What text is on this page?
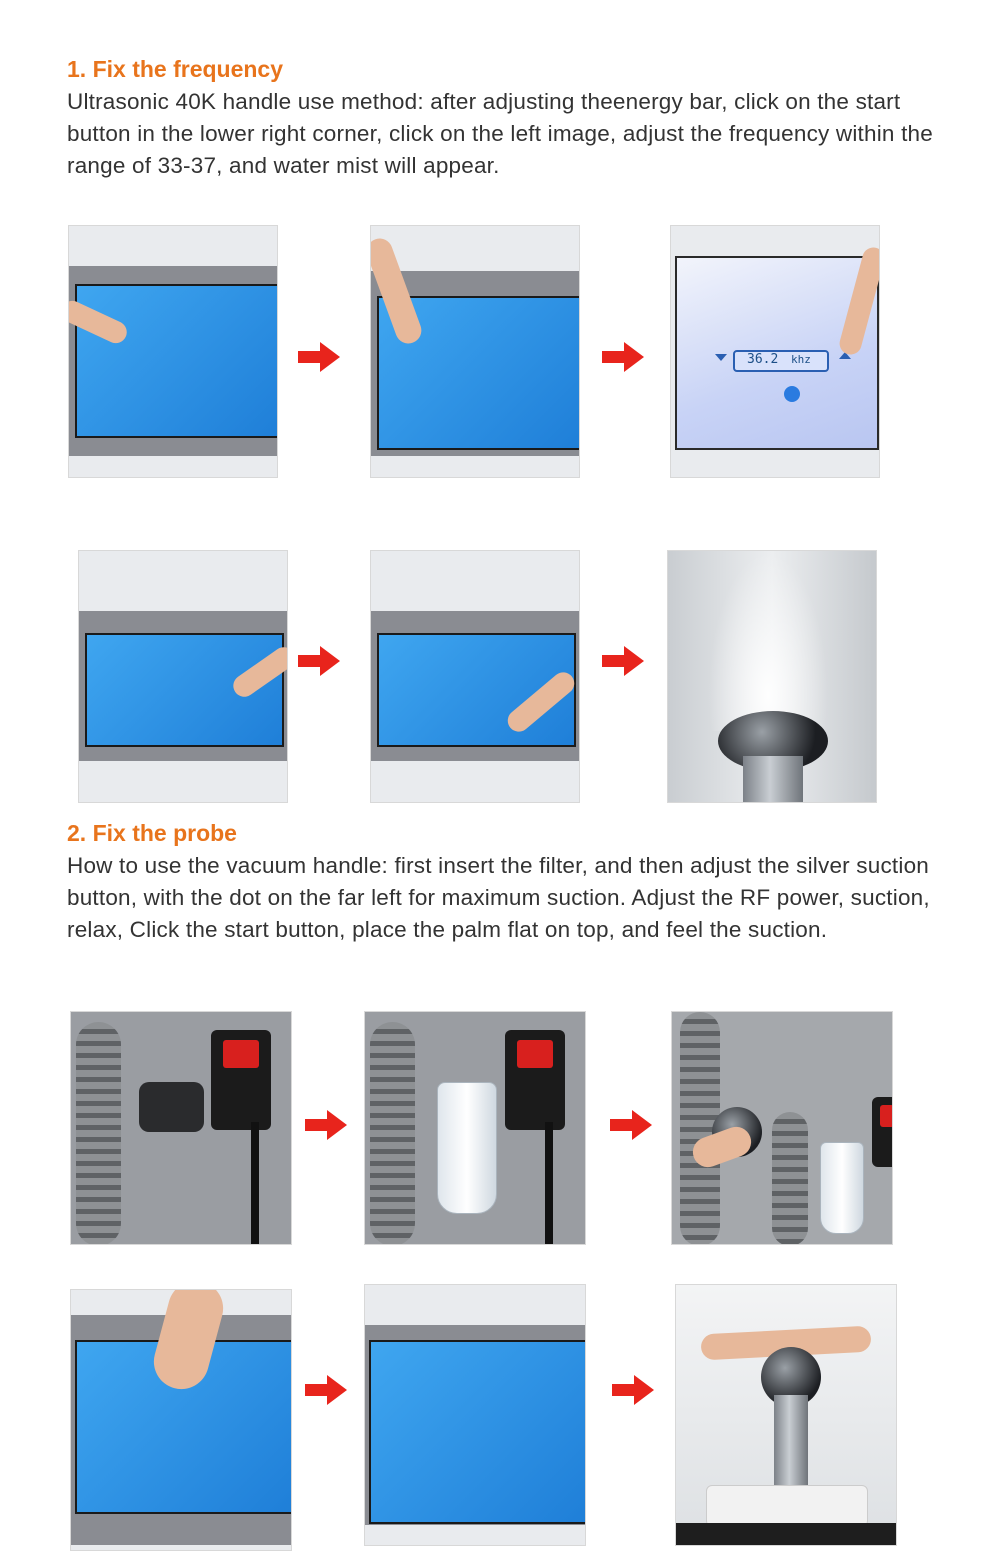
1. Fix the frequency

Ultrasonic 40K handle use method: after adjusting theenergy bar, click on the start button in the lower right corner, click on the left image, adjust the frequency within the range of 33-37, and water mist will appear.

36.2 khz
2. Fix the probe

How to use the vacuum handle: first insert the filter, and then adjust the silver suction button, with the dot on the far left for maximum suction. Adjust the RF power, suction, relax, Click the start button, place the palm flat on top, and feel the suction.
